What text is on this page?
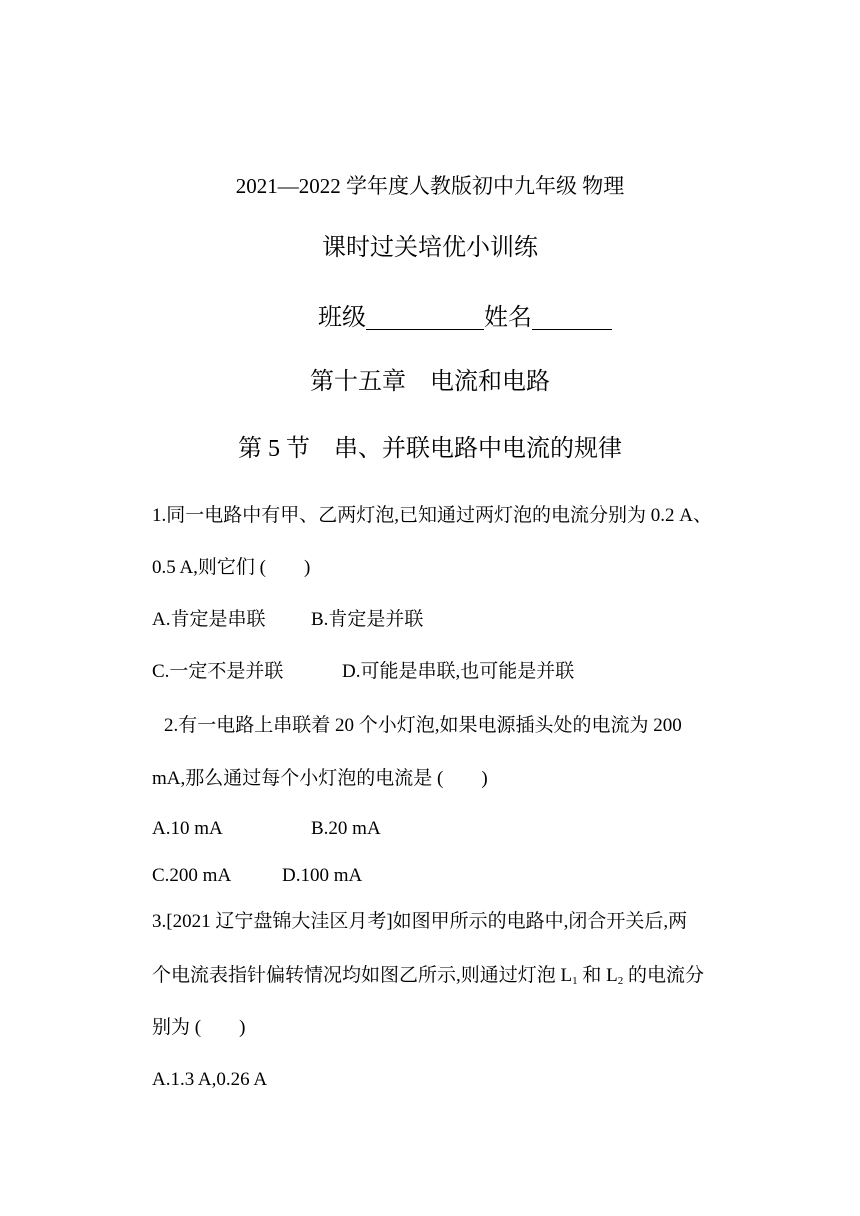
2021—2022 学年度人教版初中九年级 物理
课时过关培优小训练
班级	姓名
第十五章　电流和电路
第 5 节　串、并联电路中电流的规律
1.同一电路中有甲、乙两灯泡,已知通过两灯泡的电流分别为 0.2 A、
0.5 A,则它们 (　　)
A.肯定是串联 B.肯定是并联
C.一定不是并联	D.可能是串联,也可能是并联
2.有一电路上串联着 20 个小灯泡,如果电源插头处的电流为 200
mA,那么通过每个小灯泡的电流是 (　　)
A.10 mA	B.20 mA
C.200 mA	D.100 mA
3.[2021 辽宁盘锦大洼区月考]如图甲所示的电路中,闭合开关后,两
个电流表指针偏转情况均如图乙所示,则通过灯泡 $L_1$ 和 $L_2$ 的电流分
别为 (　　)
A.1.3 A,0.26 A
